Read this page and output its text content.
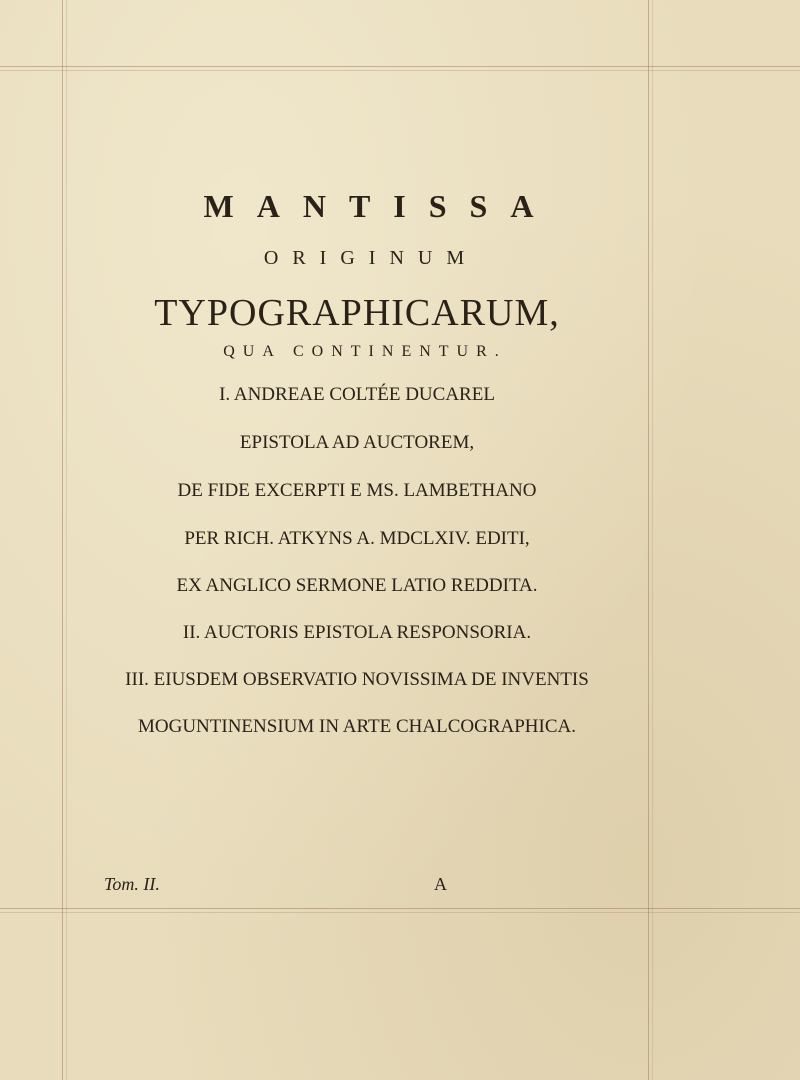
MANTISSA
ORIGINUM
TYPOGRAPHICARUM,
QUA CONTINENTUR.
I. ANDREAE COLTÉE DUCAREL
EPISTOLA AD AUCTOREM,
DE FIDE EXCERPTI E MS. LAMBETHANO
PER RICH. ATKYNS A. MDCLXIV. EDITI,
EX ANGLICO SERMONE LATIO REDDITA.
II. AUCTORIS EPISTOLA RESPONSORIA.
III. EIUSDEM OBSERVATIO NOVISSIMA DE INVENTIS
MOGUNTINENSIUM IN ARTE CHALCOGRAPHICA.
Tom. II.	A
